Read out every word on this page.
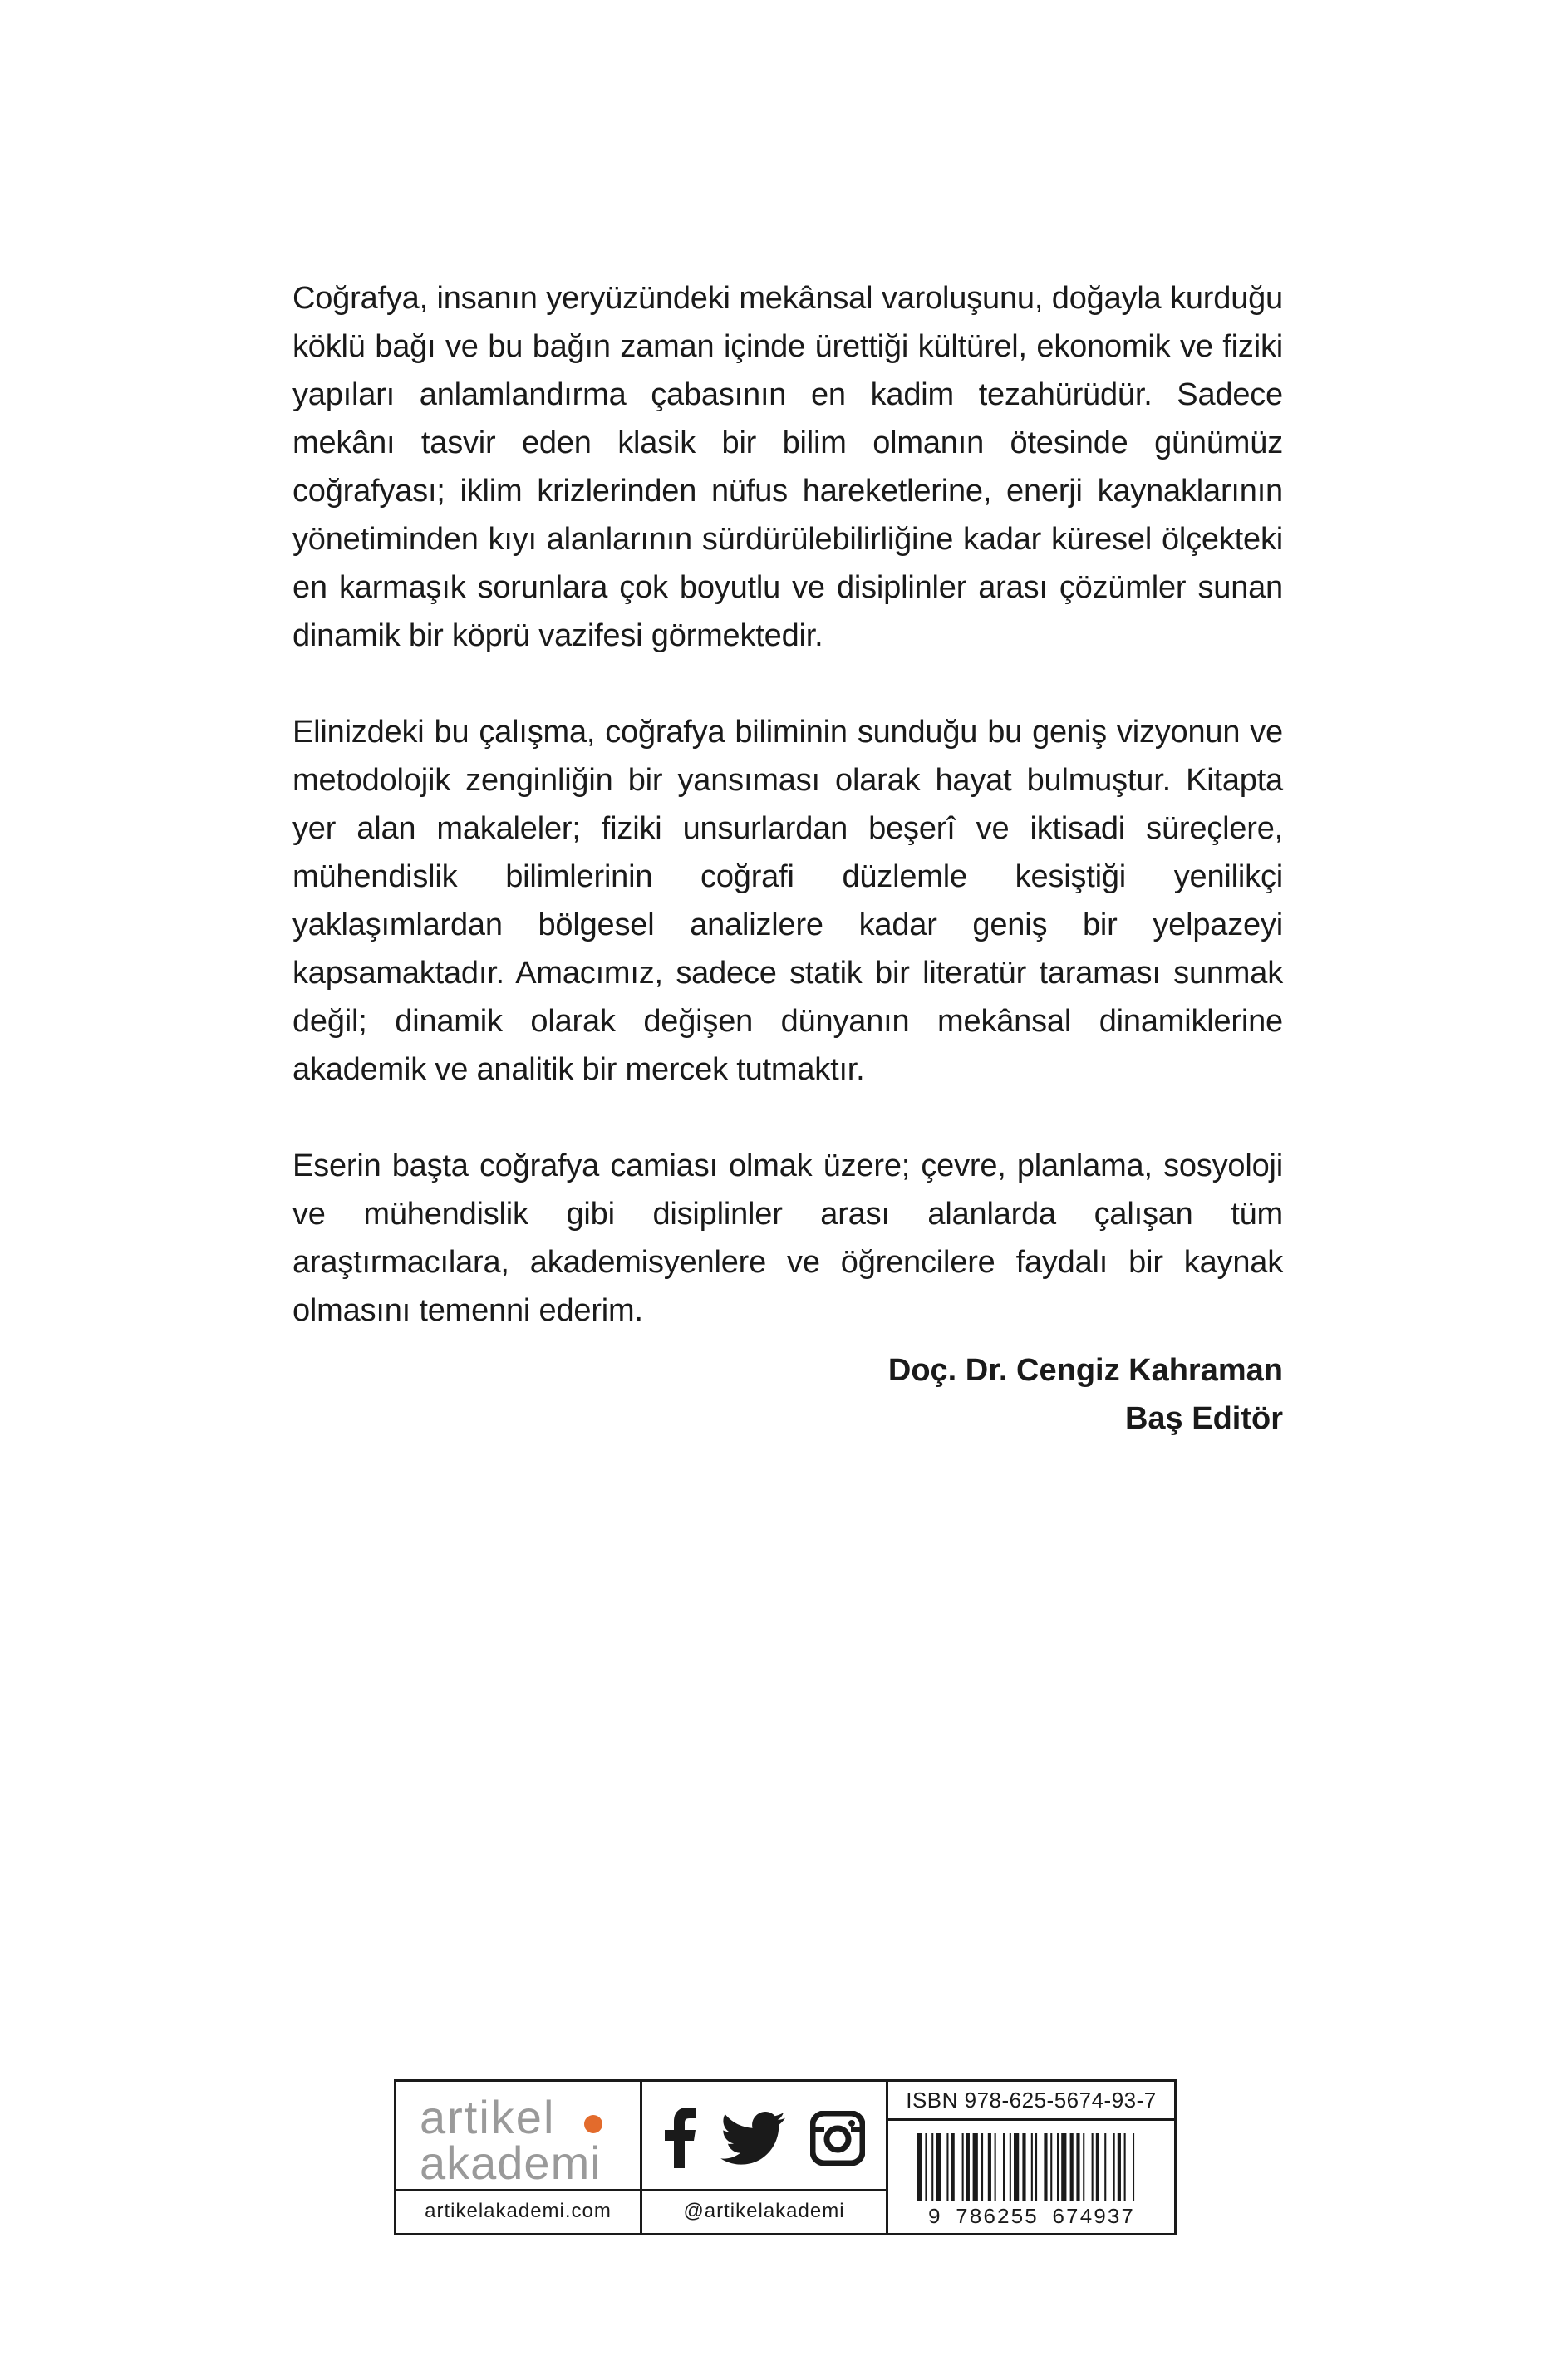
Coğrafya, insanın yeryüzündeki mekânsal varoluşunu, doğayla kurduğu köklü bağı ve bu bağın zaman içinde ürettiği kültürel, ekonomik ve fiziki yapıları anlamlandırma çabasının en kadim tezahürüdür. Sadece mekânı tasvir eden klasik bir bilim olmanın ötesinde günümüz coğrafyası; iklim krizlerinden nüfus hareketlerine, enerji kaynaklarının yönetiminden kıyı alanlarının sürdürülebilirliğine kadar küresel ölçekteki en karmaşık sorunlara çok boyutlu ve disiplinler arası çözümler sunan dinamik bir köprü vazifesi görmektedir.

Elinizdeki bu çalışma, coğrafya biliminin sunduğu bu geniş vizyonun ve metodolojik zenginliğin bir yansıması olarak hayat bulmuştur. Kitapta yer alan makaleler; fiziki unsurlardan beşerî ve iktisadi süreçlere, mühendislik bilimlerinin coğrafi düzlemle kesiştiği yenilikçi yaklaşımlardan bölgesel analizlere kadar geniş bir yelpazeyi kapsamaktadır. Amacımız, sadece statik bir literatür taraması sunmak değil; dinamik olarak değişen dünyanın mekânsal dinamiklerine akademik ve analitik bir mercek tutmaktır.

Eserin başta coğrafya camiası olmak üzere; çevre, planlama, sosyoloji ve mühendislik gibi disiplinler arası alanlarda çalışan tüm araştırmacılara, akademisyenlere ve öğrencilere faydalı bir kaynak olmasını temenni ederim.

Doç. Dr. Cengiz Kahraman
Baş Editör
artikel
akademi
artikelakademi.com	@artikelakademi
ISBN 978-625-5674-93-7
9 786255 674937
